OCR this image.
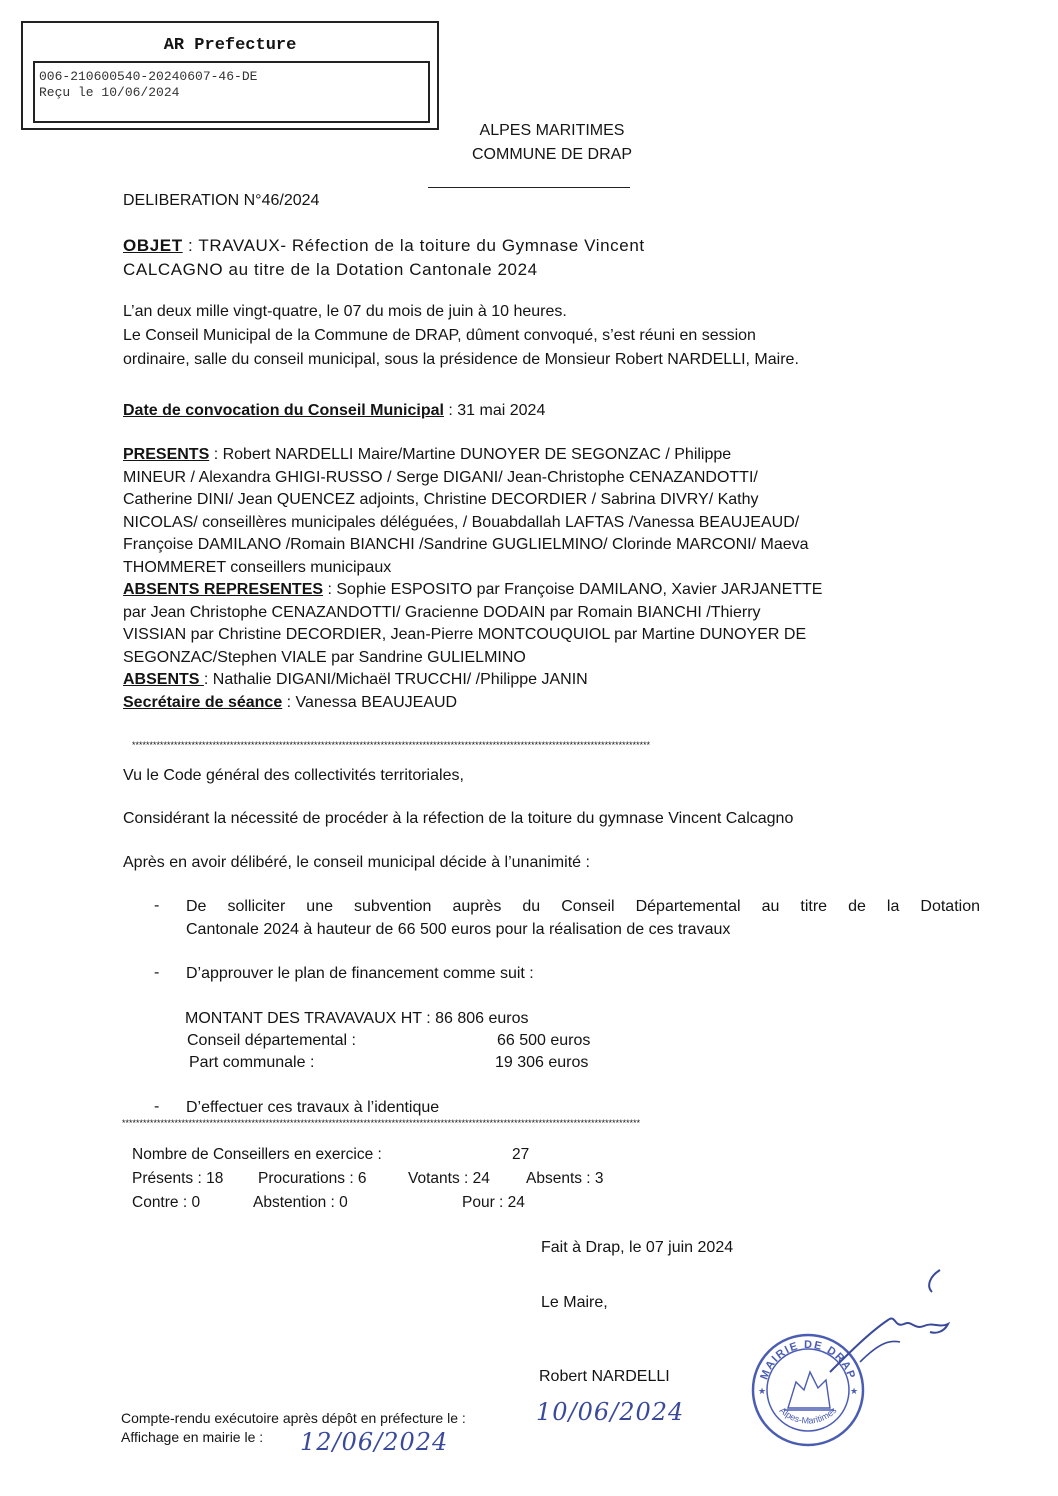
AR Prefecture
006-210600540-20240607-46-DE
Reçu le 10/06/2024
ALPES MARITIMES
COMMUNE DE DRAP
DELIBERATION N°46/2024
OBJET : TRAVAUX- Réfection de la toiture du Gymnase Vincent
CALCAGNO au titre de la Dotation Cantonale 2024
L’an deux mille vingt-quatre, le 07 du mois de juin à 10 heures.
Le Conseil Municipal de la Commune de DRAP, dûment convoqué, s’est réuni en session
ordinaire, salle du conseil municipal, sous la présidence de Monsieur Robert NARDELLI, Maire.
Date de convocation du Conseil Municipal : 31 mai 2024
PRESENTS : Robert NARDELLI Maire/Martine DUNOYER DE SEGONZAC / Philippe
MINEUR / Alexandra GHIGI-RUSSO / Serge DIGANI/ Jean-Christophe CENAZANDOTTI/
Catherine DINI/ Jean QUENCEZ adjoints, Christine DECORDIER / Sabrina DIVRY/ Kathy
NICOLAS/ conseillères municipales déléguées, / Bouabdallah LAFTAS /Vanessa BEAUJEAUD/
Françoise DAMILANO /Romain BIANCHI /Sandrine GUGLIELMINO/ Clorinde MARCONI/ Maeva
THOMMERET conseillers municipaux
ABSENTS REPRESENTES : Sophie ESPOSITO par Françoise DAMILANO, Xavier JARJANETTE
par Jean Christophe CENAZANDOTTI/ Gracienne DODAIN par Romain BIANCHI /Thierry
VISSIAN par Christine DECORDIER, Jean-Pierre MONTCOUQUIOL par Martine DUNOYER DE
SEGONZAC/Stephen VIALE par Sandrine GULIELMINO
ABSENTS : Nathalie DIGANI/Michaël TRUCCHI/ /Philippe JANIN
Secrétaire de séance : Vanessa BEAUJEAUD
****************************************************************************************************************************************************
Vu le Code général des collectivités territoriales,
Considérant la nécessité de procéder à la réfection de la toiture du gymnase Vincent Calcagno
Après en avoir délibéré, le conseil municipal décide à l’unanimité :
- De solliciter une subvention auprès du Conseil Départemental au titre de la Dotation
Cantonale 2024 à hauteur de 66 500 euros pour la réalisation de ces travaux
- D’approuver le plan de financement comme suit :
MONTANT DES TRAVAVAUX HT : 86 806 euros
Conseil départemental :	66 500 euros
Part communale :	19 306 euros
- D’effectuer ces travaux à l’identique
****************************************************************************************************************************************************
Nombre de Conseillers en exercice :	27
Présents : 18 Procurations : 6	Votants : 24 Absents : 3
Contre : 0	Abstention : 0	Pour : 24
Fait à Drap, le 07 juin 2024
Le Maire,
Robert NARDELLI	MAIRIE DE DRAP
Alpes-Maritimes
★	★
Compte-rendu exécutoire après dépôt en préfecture le :	10/06/2024
Affichage en mairie le : 12/06/2024
